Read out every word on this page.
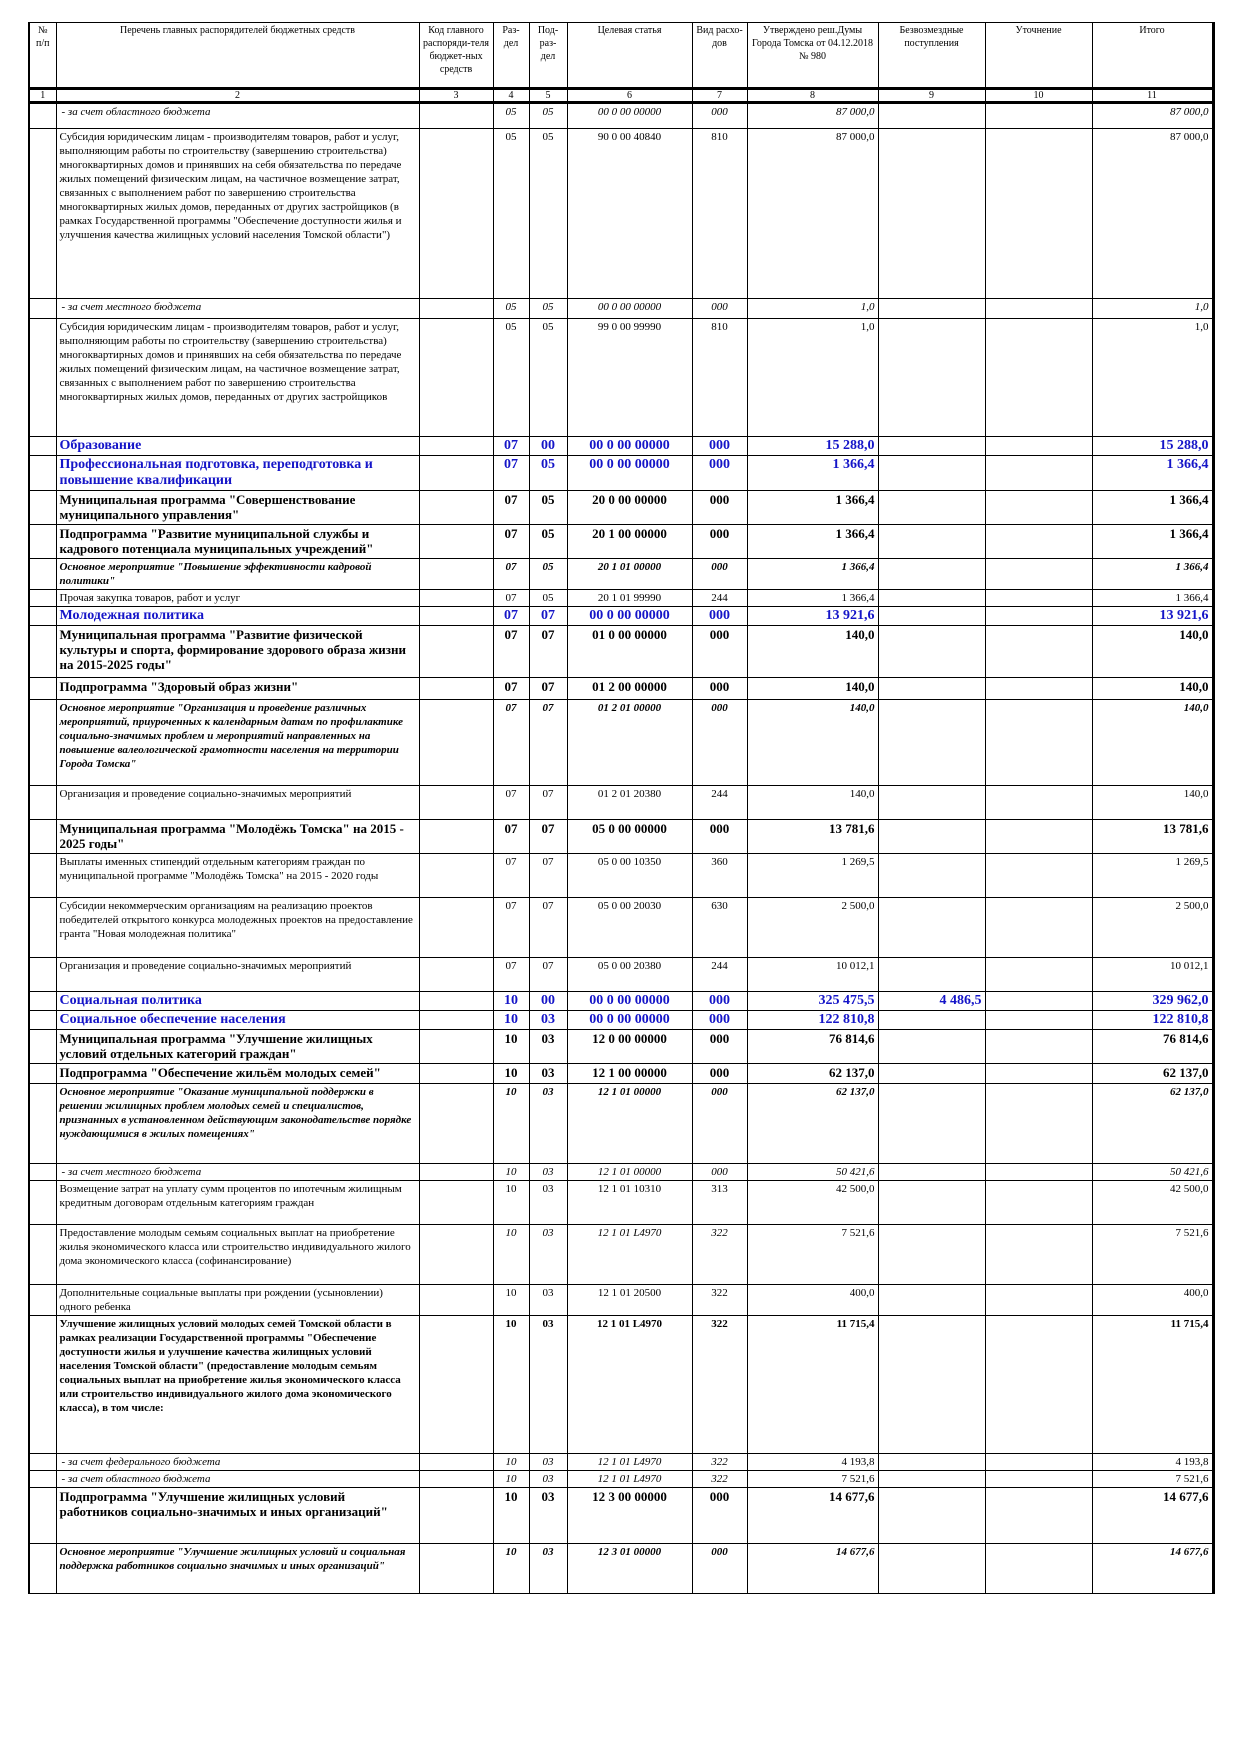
№ п/п	Перечень главных распорядителей бюджетных средств	Код главного распоряди-теля бюджет-ных средств	Раз-дел	Под-раз-дел	Целевая статья	Вид расхо-дов	Утверждено реш.Думы Города Томска от 04.12.2018 № 980	Безвозмездные поступления	Уточнение	Итого
1	2	3	4	5	6	7	8	9	10	11
	- за счет областного бюджета		05	05	00 0 00 00000	000	87 000,0			87 000,0
	Субсидия юридическим лицам - производителям товаров, работ и услуг, выполняющим работы по строительству (завершению строительства) многоквартирных домов и принявших на себя обязательства по передаче жилых помещений физическим лицам, на частичное возмещение затрат, связанных с выполнением работ по завершению строительства многоквартирных жилых домов, переданных от других застройщиков (в рамках Государственной программы "Обеспечение доступности жилья и улучшения качества жилищных условий населения Томской области")		05	05	90 0 00 40840	810	87 000,0			87 000,0
	- за счет местного бюджета		05	05	00 0 00 00000	000	1,0			1,0
	Субсидия юридическим лицам - производителям товаров, работ и услуг, выполняющим работы по строительству (завершению строительства) многоквартирных домов и принявших на себя обязательства по передаче жилых помещений физическим лицам, на частичное возмещение затрат, связанных с выполнением работ по завершению строительства многоквартирных жилых домов, переданных от других застройщиков		05	05	99 0 00 99990	810	1,0			1,0
	Образование		07	00	00 0 00 00000	000	15 288,0			15 288,0
	Профессиональная подготовка, переподготовка и повышение квалификации		07	05	00 0 00 00000	000	1 366,4			1 366,4
	Муниципальная программа "Совершенствование муниципального управления"		07	05	20 0 00 00000	000	1 366,4			1 366,4
	Подпрограмма "Развитие муниципальной службы и кадрового потенциала муниципальных учреждений"		07	05	20 1 00 00000	000	1 366,4			1 366,4
	Основное мероприятие "Повышение эффективности кадровой политики"		07	05	20 1 01 00000	000	1 366,4			1 366,4
	Прочая закупка товаров, работ и услуг		07	05	20 1 01 99990	244	1 366,4			1 366,4
	Молодежная политика		07	07	00 0 00 00000	000	13 921,6			13 921,6
	Муниципальная программа "Развитие физической культуры и спорта, формирование здорового образа жизни на 2015-2025 годы"		07	07	01 0 00 00000	000	140,0			140,0
	Подпрограмма "Здоровый образ жизни"		07	07	01 2 00 00000	000	140,0			140,0
	Основное мероприятие "Организация и проведение различных мероприятий, приуроченных к календарным датам по профилактике социально-значимых проблем и мероприятий направленных на повышение валеологической грамотности населения на территории Города Томска"		07	07	01 2 01 00000	000	140,0			140,0
	Организация и проведение социально-значимых мероприятий		07	07	01 2 01 20380	244	140,0			140,0
	Муниципальная программа "Молодёжь Томска" на 2015 - 2025 годы"		07	07	05 0 00 00000	000	13 781,6			13 781,6
	Выплаты именных стипендий отдельным категориям граждан по муниципальной программе "Молодёжь Томска" на 2015 - 2020 годы		07	07	05 0 00 10350	360	1 269,5			1 269,5
	Субсидии некоммерческим организациям на реализацию проектов победителей открытого конкурса молодежных проектов на предоставление гранта "Новая молодежная политика"		07	07	05 0 00 20030	630	2 500,0			2 500,0
	Организация и проведение социально-значимых мероприятий		07	07	05 0 00 20380	244	10 012,1			10 012,1
	Социальная политика		10	00	00 0 00 00000	000	325 475,5	4 486,5		329 962,0
	Социальное обеспечение населения		10	03	00 0 00 00000	000	122 810,8			122 810,8
	Муниципальная программа "Улучшение жилищных условий отдельных категорий граждан"		10	03	12 0 00 00000	000	76 814,6			76 814,6
	Подпрограмма "Обеспечение жильём молодых семей"		10	03	12 1 00 00000	000	62 137,0			62 137,0
	Основное мероприятие "Оказание муниципальной поддержки в решении жилищных проблем молодых семей и специалистов, признанных в установленном действующим законодательстве порядке нуждающимися в жилых помещениях"		10	03	12 1 01 00000	000	62 137,0			62 137,0
	- за счет местного бюджета		10	03	12 1 01 00000	000	50 421,6			50 421,6
	Возмещение затрат на уплату сумм процентов по ипотечным жилищным кредитным договорам отдельным категориям граждан		10	03	12 1 01 10310	313	42 500,0			42 500,0
	Предоставление молодым семьям социальных выплат на приобретение жилья экономического класса или строительство индивидуального жилого дома экономического класса (софинансирование)		10	03	12 1 01 L4970	322	7 521,6			7 521,6
	Дополнительные социальные выплаты при рождении (усыновлении) одного ребенка		10	03	12 1 01 20500	322	400,0			400,0
	Улучшение жилищных условий молодых семей Томской области в рамках реализации Государственной программы "Обеспечение доступности жилья и улучшение качества жилищных условий населения Томской области" (предоставление молодым семьям социальных выплат на приобретение жилья экономического класса или строительство индивидуального жилого дома экономического класса), в том числе:		10	03	12 1 01 L4970	322	11 715,4			11 715,4
	- за счет федерального бюджета		10	03	12 1 01 L4970	322	4 193,8			4 193,8
	- за счет областного бюджета		10	03	12 1 01 L4970	322	7 521,6			7 521,6
	Подпрограмма "Улучшение жилищных условий работников социально-значимых и иных организаций"		10	03	12 3 00 00000	000	14 677,6			14 677,6
	Основное мероприятие "Улучшение жилищных условий и социальная поддержка работников социально значимых и иных организаций"		10	03	12 3 01 00000	000	14 677,6			14 677,6
